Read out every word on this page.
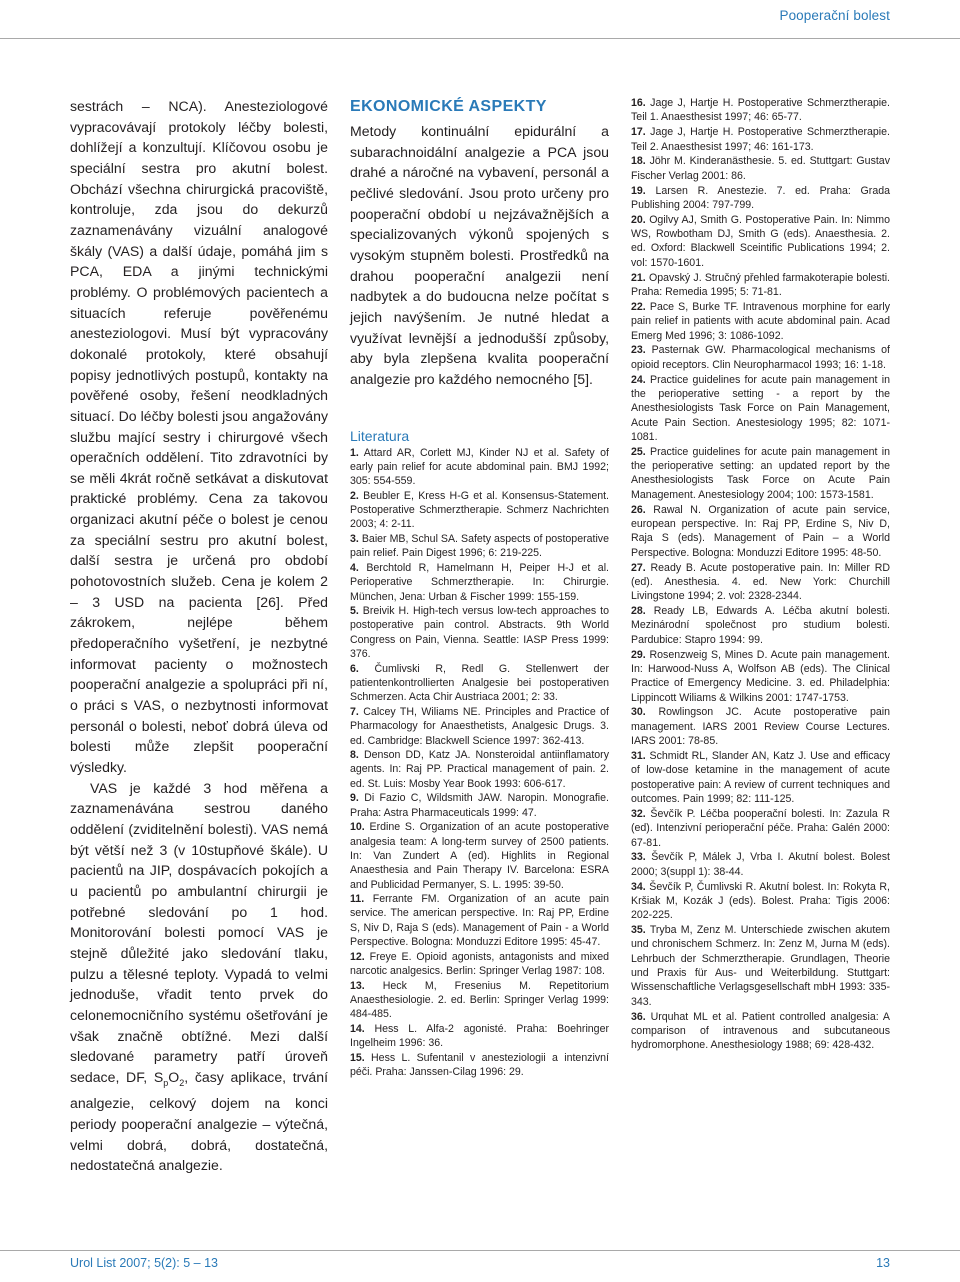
Pooperační bolest

sestrách – NCA). Anesteziologové vypracovávají protokoly léčby bolesti, dohlížejí a konzultují. Klíčovou osobu je speciální sestra pro akutní bolest. Obchází všechna chirurgická pracoviště, kontroluje, zda jsou do dekurzů zaznamenávány vizuální analogové škály (VAS) a další údaje, pomáhá jim s PCA, EDA a jinými technickými problémy. O problémových pacientech a situacích referuje pověřenému anesteziologovi. Musí být vypracovány dokonalé protokoly, které obsahují popisy jednotlivých postupů, kontakty na pověřené osoby, řešení neodkladných situací. Do léčby bolesti jsou angažovány službu mající sestry i chirurgové všech operačních oddělení. Tito zdravotníci by se měli 4krát ročně setkávat a diskutovat praktické problémy. Cena za takovou organizaci akutní péče o bolest je cenou za speciální sestru pro akutní bolest, další sestra je určená pro období pohotovostních služeb. Cena je kolem 2 – 3 USD na pacienta [26]. Před zákrokem, nejlépe během předoperačního vyšetření, je nezbytné informovat pacienty o možnostech pooperační analgezie a spolupráci při ní, o práci s VAS, o nezbytnosti informovat personál o bolesti, neboť dobrá úleva od bolesti může zlepšit pooperační výsledky.

VAS je každé 3 hod měřena a zaznamenávána sestrou daného oddělení (zviditelnění bolesti). VAS nemá být větší než 3 (v 10stupňové škále). U pacientů na JIP, dospávacích pokojích a u pacientů po ambulantní chirurgii je potřebné sledování po 1 hod. Monitorování bolesti pomocí VAS je stejně důležité jako sledování tlaku, pulzu a tělesné teploty. Vypadá to velmi jednoduše, vřadit tento prvek do celonemocničního systému ošetřování je však značně obtížné. Mezi další sledované parametry patří úroveň sedace, DF, $S_pO_2$, časy aplikace, trvání analgezie, celkový dojem na konci periody pooperační analgezie – výtečná, velmi dobrá, dobrá, dostatečná, nedostatečná analgezie.

EKONOMICKÉ ASPEKTY

Metody kontinuální epidurální a subarachnoidální analgezie a PCA jsou drahé a náročné na vybavení, personál a pečlivé sledování. Jsou proto určeny pro pooperační období u nejzávažnějších a specializovaných výkonů spojených s vysokým stupněm bolesti. Prostředků na drahou pooperační analgezii není nadbytek a do budoucna nelze počítat s jejich navýšením. Je nutné hledat a využívat levnější a jednodušší způsoby, aby byla zlepšena kvalita pooperační analgezie pro každého nemocného [5].

Literatura
1. Attard AR, Corlett MJ, Kinder NJ et al. Safety of early pain relief for acute abdominal pain. BMJ 1992; 305: 554-559.
2. Beubler E, Kress H-G et al. Konsensus-Statement. Postoperative Schmerztherapie. Schmerz Nachrichten 2003; 4: 2-11.
3. Baier MB, Schul SA. Safety aspects of postoperative pain relief. Pain Digest 1996; 6: 219-225.
4. Berchtold R, Hamelmann H, Peiper H-J et al. Perioperative Schmerztherapie. In: Chirurgie. München, Jena: Urban & Fischer 1999: 155-159.
5. Breivik H. High-tech versus low-tech approaches to postoperative pain control. Abstracts. 9th World Congress on Pain, Vienna. Seattle: IASP Press 1999: 376.
6. Čumlivski R, Redl G. Stellenwert der patientenkontrollierten Analgesie bei postoperativen Schmerzen. Acta Chir Austriaca 2001; 2: 33.
7. Calcey TH, Wiliams NE. Principles and Practice of Pharmacology for Anaesthetists, Analgesic Drugs. 3. ed. Cambridge: Blackwell Science 1997: 362-413.
8. Denson DD, Katz JA. Nonsteroidal antiinflamatory agents. In: Raj PP. Practical management of pain. 2. ed. St. Luis: Mosby Year Book 1993: 606-617.
9. Di Fazio C, Wildsmith JAW. Naropin. Monografie. Praha: Astra Pharmaceuticals 1999: 47.
10. Erdine S. Organization of an acute postoperative analgesia team: A long-term survey of 2500 patients. In: Van Zundert A (ed). Highlits in Regional Anaesthesia and Pain Therapy IV. Barcelona: ESRA and Publicidad Permanyer, S. L. 1995: 39-50.
11. Ferrante FM. Organization of an acute pain service. The american perspective. In: Raj PP, Erdine S, Niv D, Raja S (eds). Management of Pain - a World Perspective. Bologna: Monduzzi Editore 1995: 45-47.
12. Freye E. Opioid agonists, antagonists and mixed narcotic analgesics. Berlin: Springer Verlag 1987: 108.
13. Heck M, Fresenius M. Repetitorium Anaesthesiologie. 2. ed. Berlin: Springer Verlag 1999: 484-485.
14. Hess L. Alfa-2 agonisté. Praha: Boehringer Ingelheim 1996: 36.
15. Hess L. Sufentanil v anesteziologii a intenzivní péči. Praha: Janssen-Cilag 1996: 29.
16. Jage J, Hartje H. Postoperative Schmerztherapie. Teil 1. Anaesthesist 1997; 46: 65-77.
17. Jage J, Hartje H. Postoperative Schmerztherapie. Teil 2. Anaesthesist 1997; 46: 161-173.
18. Jöhr M. Kinderanästhesie. 5. ed. Stuttgart: Gustav Fischer Verlag 2001: 86.
19. Larsen R. Anestezie. 7. ed. Praha: Grada Publishing 2004: 797-799.
20. Ogilvy AJ, Smith G. Postoperative Pain. In: Nimmo WS, Rowbotham DJ, Smith G (eds). Anaesthesia. 2. ed. Oxford: Blackwell Sceintific Publications 1994; 2. vol: 1570-1601.
21. Opavský J. Stručný přehled farmakoterapie bolesti. Praha: Remedia 1995; 5: 71-81.
22. Pace S, Burke TF. Intravenous morphine for early pain relief in patients with acute abdominal pain. Acad Emerg Med 1996; 3: 1086-1092.
23. Pasternak GW. Pharmacological mechanisms of opioid receptors. Clin Neuropharmacol 1993; 16: 1-18.
24. Practice guidelines for acute pain management in the perioperative setting - a report by the Anesthesiologists Task Force on Pain Management, Acute Pain Section. Anestesiology 1995; 82: 1071-1081.
25. Practice guidelines for acute pain management in the perioperative setting: an updated report by the Anesthesiologists Task Force on Acute Pain Management. Anestesiology 2004; 100: 1573-1581.
26. Rawal N. Organization of acute pain service, european perspective. In: Raj PP, Erdine S, Niv D, Raja S (eds). Management of Pain – a World Perspective. Bologna: Monduzzi Editore 1995: 48-50.
27. Ready B. Acute postoperative pain. In: Miller RD (ed). Anesthesia. 4. ed. New York: Churchill Livingstone 1994; 2. vol: 2328-2344.
28. Ready LB, Edwards A. Léčba akutní bolesti. Mezinárodní společnost pro studium bolesti. Pardubice: Stapro 1994: 99.
29. Rosenzweig S, Mines D. Acute pain management. In: Harwood-Nuss A, Wolfson AB (eds). The Clinical Practice of Emergency Medicine. 3. ed. Philadelphia: Lippincott Wiliams & Wilkins 2001: 1747-1753.
30. Rowlingson JC. Acute postoperative pain management. IARS 2001 Review Course Lectures. IARS 2001: 78-85.
31. Schmidt RL, Slander AN, Katz J. Use and efficacy of low-dose ketamine in the management of acute postoperative pain: A review of current techniques and outcomes. Pain 1999; 82: 111-125.
32. Ševčík P. Léčba pooperační bolesti. In: Zazula R (ed). Intenzivní perioperační péče. Praha: Galén 2000: 67-81.
33. Ševčík P, Málek J, Vrba I. Akutní bolest. Bolest 2000; 3(suppl 1): 38-44.
34. Ševčík P, Čumlivski R. Akutní bolest. In: Rokyta R, Kršiak M, Kozák J (eds). Bolest. Praha: Tigis 2006: 202-225.
35. Tryba M, Zenz M. Unterschiede zwischen akutem und chronischem Schmerz. In: Zenz M, Jurna M (eds). Lehrbuch der Schmerztherapie. Grundlagen, Theorie und Praxis für Aus- und Weiterbildung. Stuttgart: Wissenschaftliche Verlagsgesellschaft mbH 1993: 335-343.
36. Urquhat ML et al. Patient controlled analgesia: A comparison of intravenous and subcutaneous hydromorphone. Anesthesiology 1988; 69: 428-432.
Urol List 2007; 5(2): 5 – 13	13
